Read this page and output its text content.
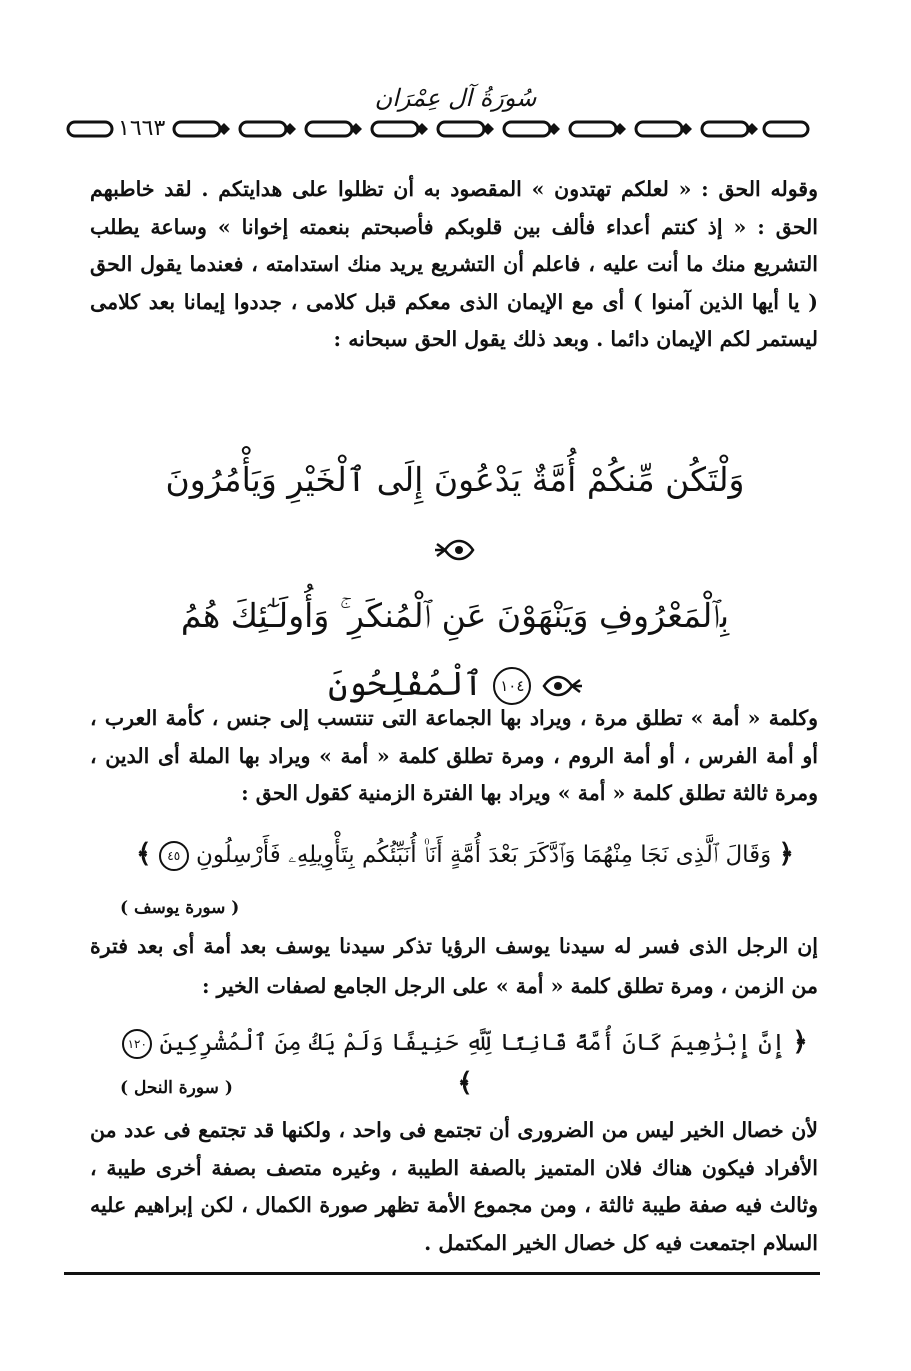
سُورَةُ آل عِمْرَان
١٦٦٣
وقوله الحق : « لعلكم تهتدون » المقصود به أن تظلوا على هدايتكم . لقد خاطبهم الحق : « إذ كنتم أعداء فألف بين قلوبكم فأصبحتم بنعمته إخوانا » وساعة يطلب التشريع منك ما أنت عليه ، فاعلم أن التشريع يريد منك استدامته ، فعندما يقول الحق ( يا أيها الذين آمنوا ) أى مع الإيمان الذى معكم قبل كلامى ، جددوا إيمانا بعد كلامى ليستمر لكم الإيمان دائما . وبعد ذلك يقول الحق سبحانه :
وَلْتَكُن مِّنكُمْ أُمَّةٌ يَدْعُونَ إِلَى ٱلْخَيْرِ وَيَأْمُرُونَ
بِٱلْمَعْرُوفِ وَيَنْهَوْنَ عَنِ ٱلْمُنكَرِ ۚ وَأُولَـٰٓئِكَ هُمُ
١٠٤ ٱلْمُفْلِحُونَ
وكلمة « أمة » تطلق مرة ، ويراد بها الجماعة التى تنتسب إلى جنس ، كأمة العرب ، أو أمة الفرس ، أو أمة الروم ، ومرة تطلق كلمة « أمة » ويراد بها الملة أى الدين ، ومرة ثالثة تطلق كلمة « أمة » ويراد بها الفترة الزمنية كقول الحق :
﴿ وَقَالَ ٱلَّذِى نَجَا مِنْهُمَا وَٱدَّكَرَ بَعْدَ أُمَّةٍ أَنَا۠ أُنَبِّئُكُم بِتَأْوِيلِهِۦ فَأَرْسِلُونِ ٤٥ ﴾
( سورة يوسف )
إن الرجل الذى فسر له سيدنا يوسف الرؤيا تذكر سيدنا يوسف بعد أمة أى بعد فترة من الزمن ، ومرة تطلق كلمة « أمة » على الرجل الجامع لصفات الخير :
﴿ إِنَّ إِبْرَٰهِيمَ كَانَ أُمَّةً قَانِتًا لِّلَّهِ حَنِيفًا وَلَمْ يَكُ مِنَ ٱلْمُشْرِكِينَ ١٢٠ ﴾
( سورة النحل )
لأن خصال الخير ليس من الضرورى أن تجتمع فى واحد ، ولكنها قد تجتمع فى عدد من الأفراد فيكون هناك فلان المتميز بالصفة الطيبة ، وغيره متصف بصفة أخرى طيبة ، وثالث فيه صفة طيبة ثالثة ، ومن مجموع الأمة تظهر صورة الكمال ، لكن إبراهيم عليه السلام اجتمعت فيه كل خصال الخير المكتمل .
